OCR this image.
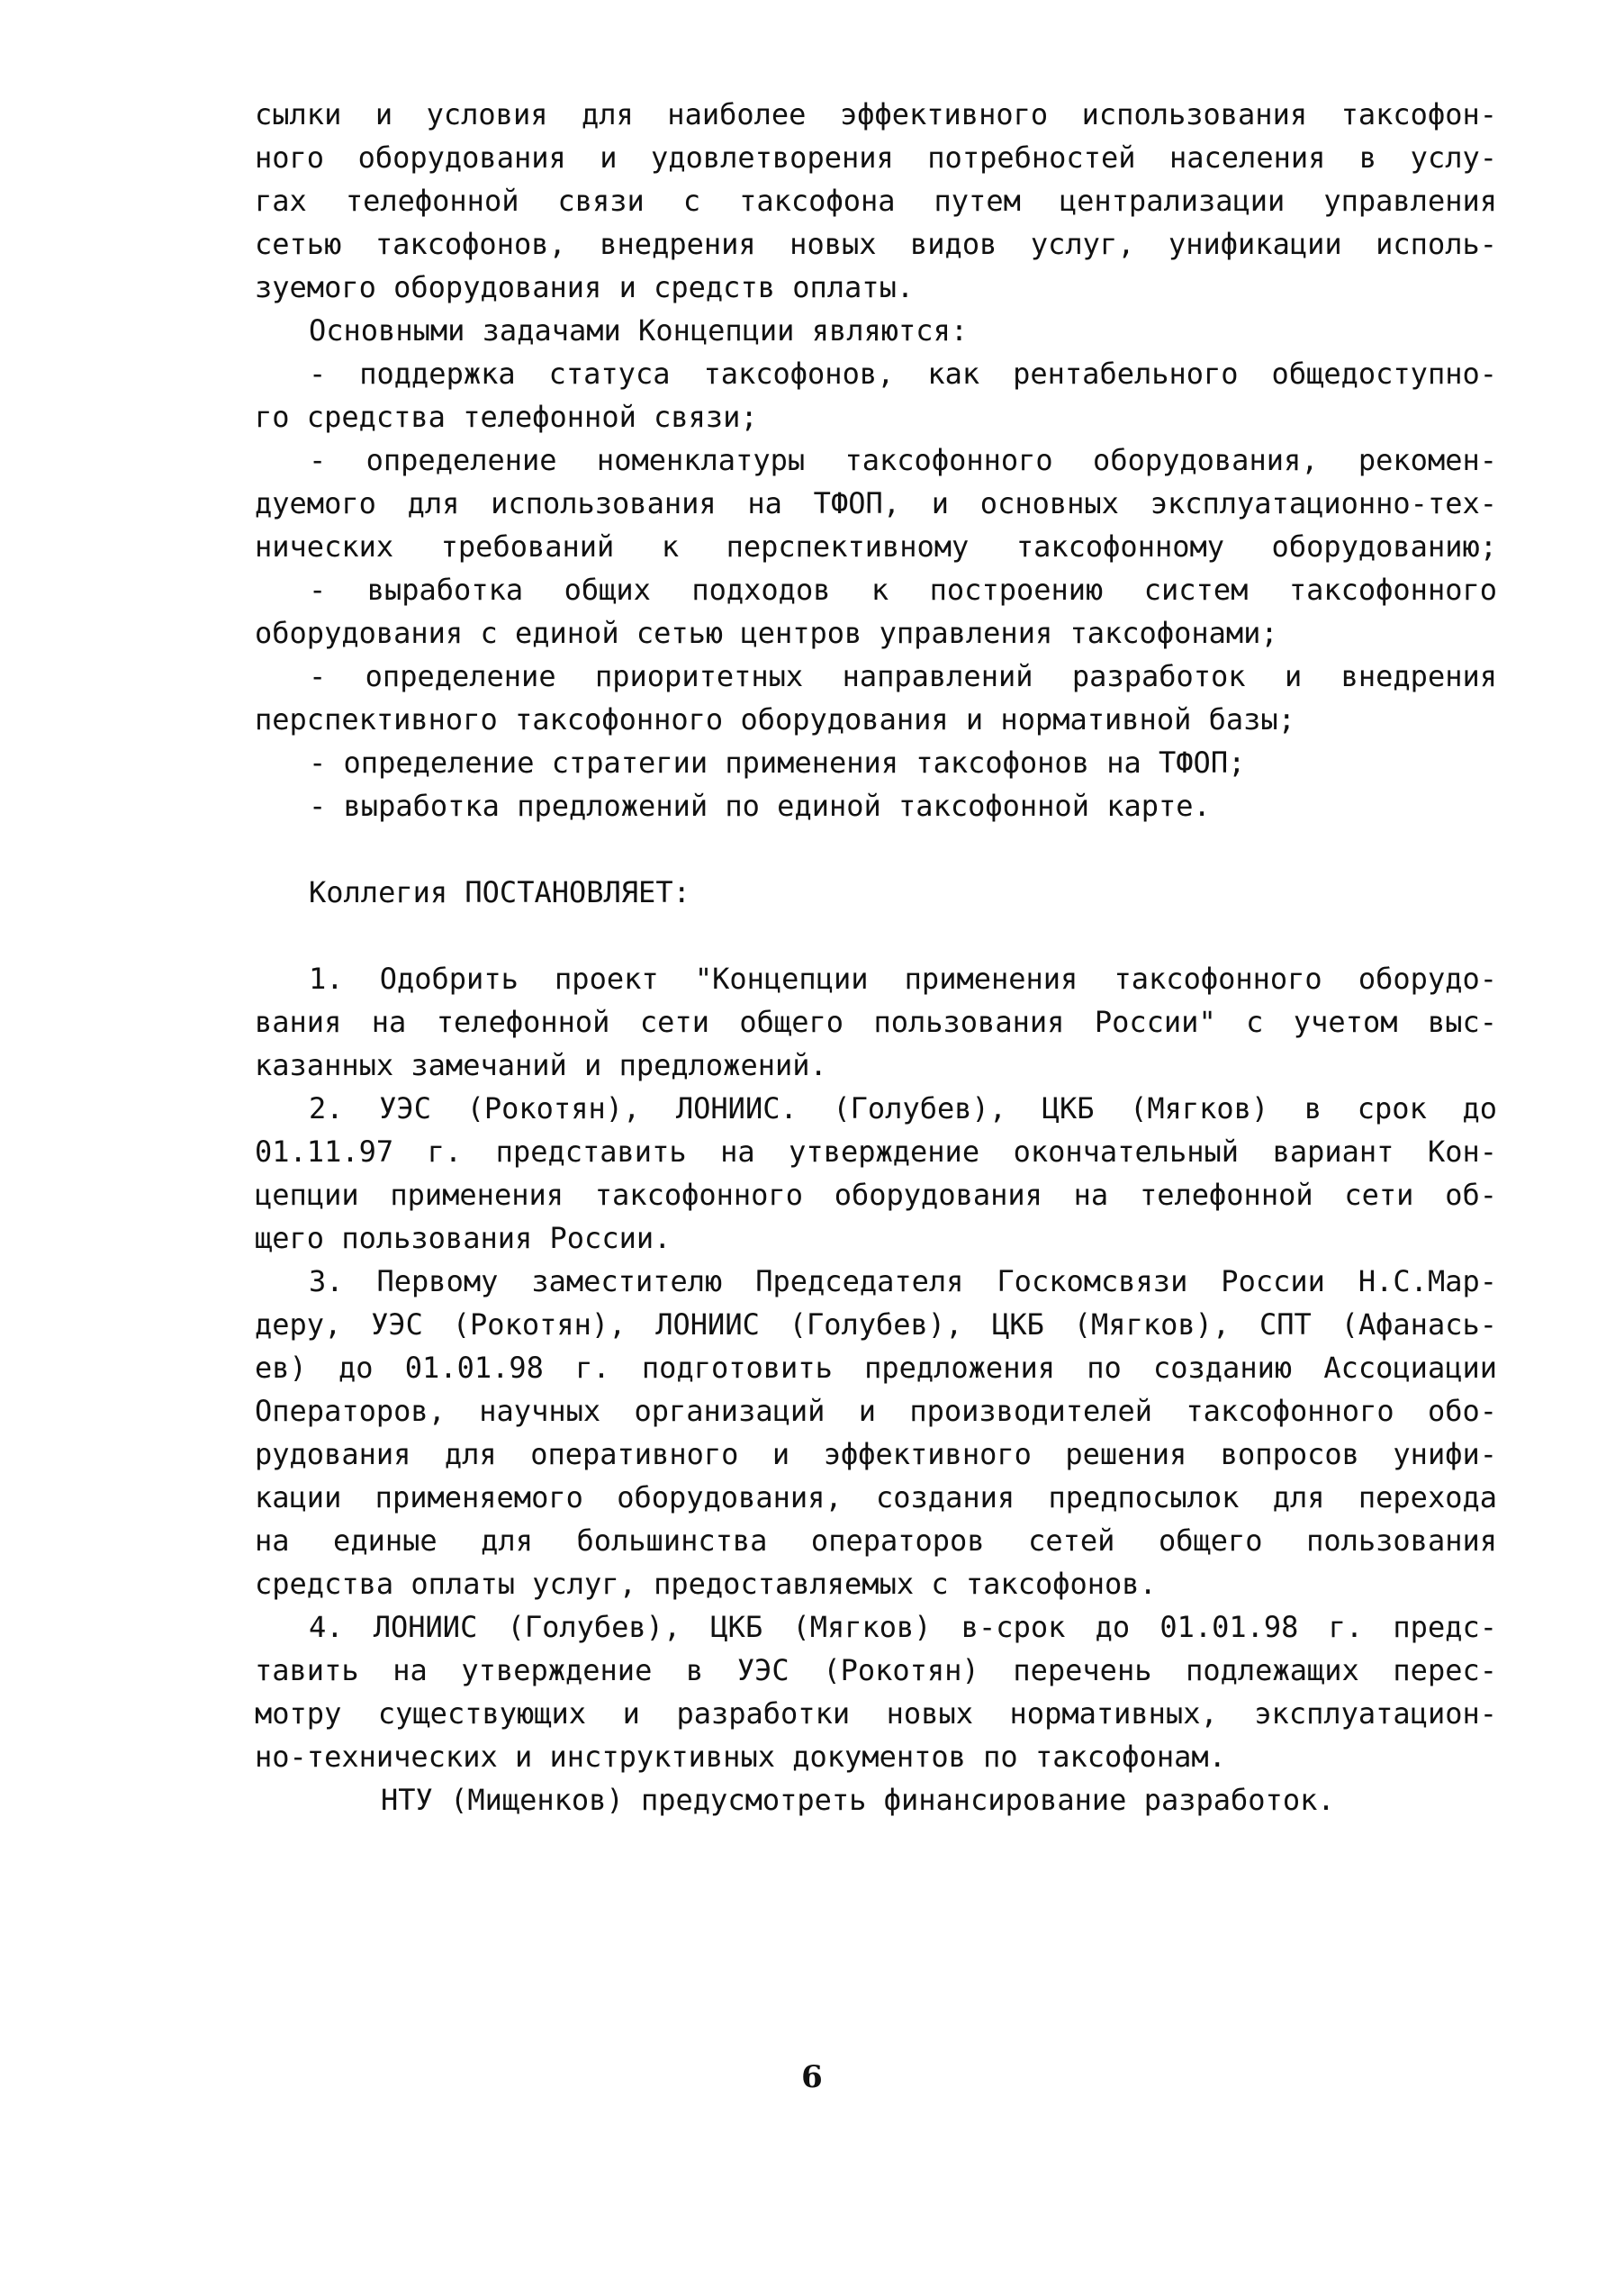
сылки и условия для наиболее эффективного использования таксофон-
ного оборудования и удовлетворения потребностей населения в услу-
гах телефонной связи с таксофона путем централизации управления
сетью таксофонов, внедрения новых видов услуг, унификации исполь-
зуемого оборудования и средств оплаты.
Основными задачами Концепции являются:
- поддержка статуса таксофонов, как рентабельного общедоступно-
го средства телефонной связи;
- определение номенклатуры таксофонного оборудования, рекомен-
дуемого для использования на ТФОП, и основных эксплуатационно-тех-
нических требований к перспективному таксофонному оборудованию;
- выработка общих подходов к построению систем таксофонного
оборудования с единой сетью центров управления таксофонами;
- определение приоритетных направлений разработок и внедрения
перспективного таксофонного оборудования и нормативной базы;
- определение стратегии применения таксофонов на ТФОП;
- выработка предложений по единой таксофонной карте.
Коллегия ПОСТАНОВЛЯЕТ:
1. Одобрить проект "Концепции применения таксофонного оборудо-
вания на телефонной сети общего пользования России" с учетом выс-
казанных замечаний и предложений.
2. УЭС (Рокотян), ЛОНИИС. (Голубев), ЦКБ (Мягков) в срок до
01.11.97 г. представить на утверждение окончательный вариант Кон-
цепции применения таксофонного оборудования на телефонной сети об-
щего пользования России.
3. Первому заместителю Председателя Госкомсвязи России Н.С.Мар-
деру, УЭС (Рокотян), ЛОНИИС (Голубев), ЦКБ (Мягков), СПТ (Афанась-
ев) до 01.01.98 г. подготовить предложения по созданию Ассоциации
Операторов, научных организаций и производителей таксофонного обо-
рудования для оперативного и эффективного решения вопросов унифи-
кации применяемого оборудования, создания предпосылок для перехода
на единые для большинства операторов сетей общего пользования
средства оплаты услуг, предоставляемых с таксофонов.
4. ЛОНИИС (Голубев), ЦКБ (Мягков) в-срок до 01.01.98 г. предс-
тавить на утверждение в УЭС (Рокотян) перечень подлежащих перес-
мотру существующих и разработки новых нормативных, эксплуатацион-
но-технических и инструктивных документов по таксофонам.
НТУ (Мищенков) предусмотреть финансирование разработок.
6
